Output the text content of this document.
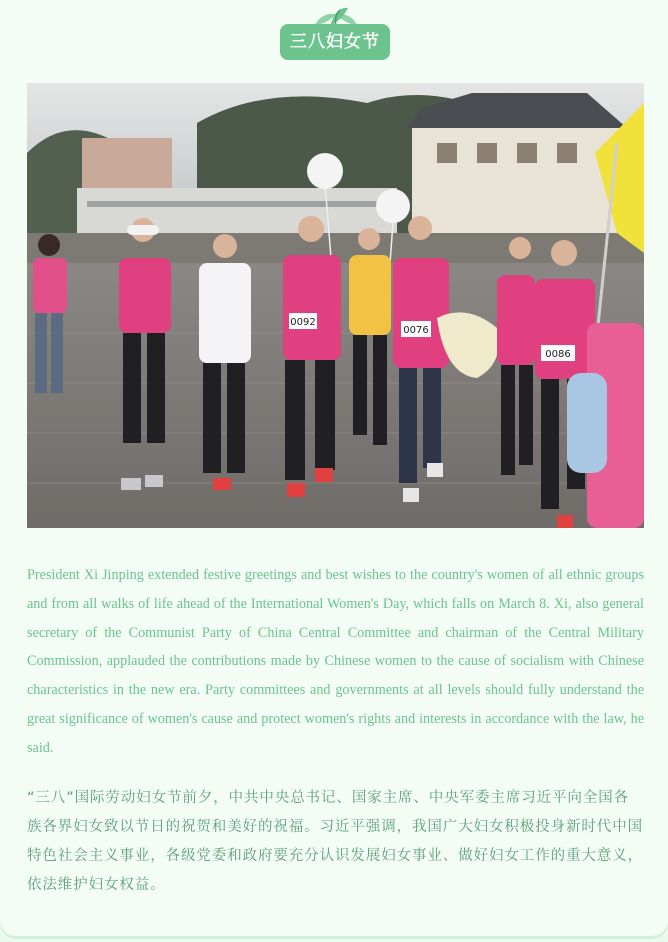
三八妇女节
0092
0076
0086

President Xi Jinping extended festive greetings and best wishes to the country's women of all ethnic groups and from all walks of life ahead of the International Women's Day, which falls on March 8. Xi, also general secretary of the Communist Party of China Central Committee and chairman of the Central Military Commission, applauded the contributions made by Chinese women to the cause of socialism with Chinese characteristics in the new era. Party committees and governments at all levels should fully understand the great significance of women's cause and protect women's rights and interests in accordance with the law, he said.

“三八”国际劳动妇女节前夕，中共中央总书记、国家主席、中央军委主席习近平向全国各族各界妇女致以节日的祝贺和美好的祝福。习近平强调，我国广大妇女积极投身新时代中国特色社会主义事业，各级党委和政府要充分认识发展妇女事业、做好妇女工作的重大意义，依法维护妇女权益。
